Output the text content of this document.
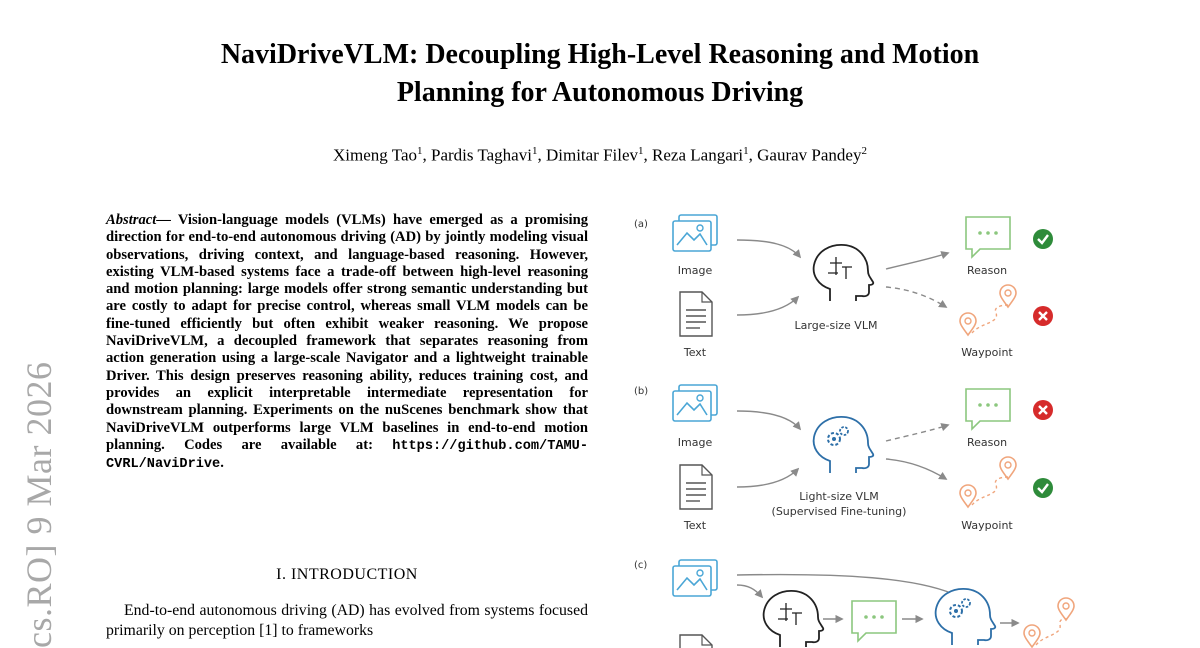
NaviDriveVLM: Decoupling High-Level Reasoning and Motion
Planning for Autonomous Driving
Ximeng Tao$^1$, Pardis Taghavi$^1$, Dimitar Filev$^1$, Reza Langari$^1$, Gaurav Pandey$^2$
cs.RO] 9 Mar 2026
Abstract— Vision-language models (VLMs) have emerged as a promising direction for end-to-end autonomous driving (AD) by jointly modeling visual observations, driving context, and language-based reasoning. However, existing VLM-based systems face a trade-off between high-level reasoning and motion planning: large models offer strong semantic understanding but are costly to adapt for precise control, whereas small VLM models can be fine-tuned efficiently but often exhibit weaker reasoning. We propose NaviDriveVLM, a decoupled framework that separates reasoning from action generation using a large-scale Navigator and a lightweight trainable Driver. This design preserves reasoning ability, reduces training cost, and provides an explicit interpretable intermediate representation for downstream planning. Experiments on the nuScenes benchmark show that NaviDriveVLM outperforms large VLM baselines in end-to-end motion planning. Codes are available at: https://github.com/TAMU-CVRL/NaviDrive.
I. INTRODUCTION
End-to-end autonomous driving (AD) has evolved from systems focused primarily on perception [1] to frameworks
(a)
Image
Text
Large-size VLM
Reason
Waypoint
(b)
Image
Text
Light-size VLM
(Supervised Fine-tuning)
Reason
Waypoint
(c)
